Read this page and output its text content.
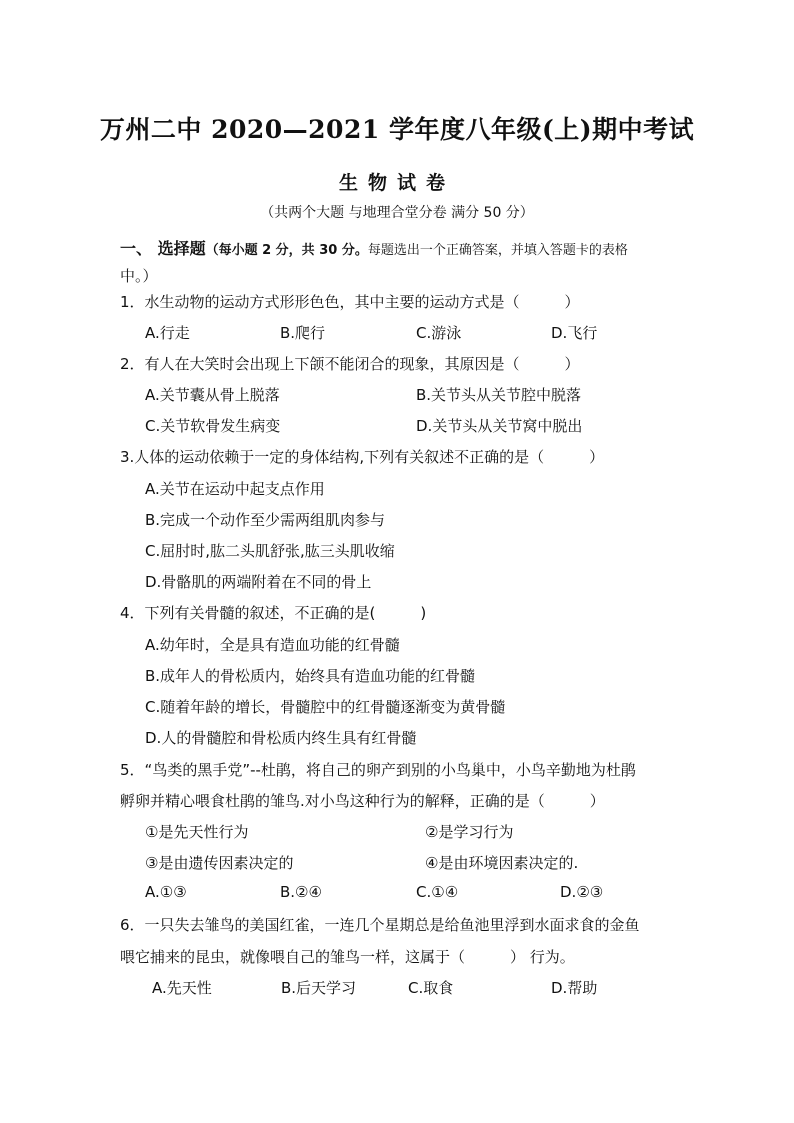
万州二中 2020—2021 学年度八年级(上)期中考试
生物试卷
（共两个大题 与地理合堂分卷 满分 50 分）
一、 选择题（每小题 2 分，共 30 分。每题选出一个正确答案，并填入答题卡的表格
中。）
1．水生动物的运动方式形形色色，其中主要的运动方式是（　　　）
A.行走	B.爬行	C.游泳	D.飞行
2．有人在大笑时会出现上下颌不能闭合的现象，其原因是（　　　）
A.关节囊从骨上脱落	B.关节头从关节腔中脱落
C.关节软骨发生病变	D.关节头从关节窝中脱出
3.人体的运动依赖于一定的身体结构,下列有关叙述不正确的是（　　　）
A.关节在运动中起支点作用
B.完成一个动作至少需两组肌肉参与
C.屈肘时,肱二头肌舒张,肱三头肌收缩
D.骨骼肌的两端附着在不同的骨上
4．下列有关骨髓的叙述，不正确的是(　　　)
A.幼年时，全是具有造血功能的红骨髓
B.成年人的骨松质内，始终具有造血功能的红骨髓
C.随着年龄的增长，骨髓腔中的红骨髓逐渐变为黄骨髓
D.人的骨髓腔和骨松质内终生具有红骨髓
5．“鸟类的黑手党”--杜鹃，将自己的卵产到别的小鸟巢中，小鸟辛勤地为杜鹃
孵卵并精心喂食杜鹃的雏鸟.对小鸟这种行为的解释，正确的是（　　　）
①是先天性行为	②是学习行为
③是由遗传因素决定的	④是由环境因素决定的.
A.①③	B.②④	C.①④	D.②③
6．一只失去雏鸟的美国红雀，一连几个星期总是给鱼池里浮到水面求食的金鱼
喂它捕来的昆虫，就像喂自己的雏鸟一样，这属于（　　　） 行为。
A.先天性	B.后天学习	C.取食	D.帮助
